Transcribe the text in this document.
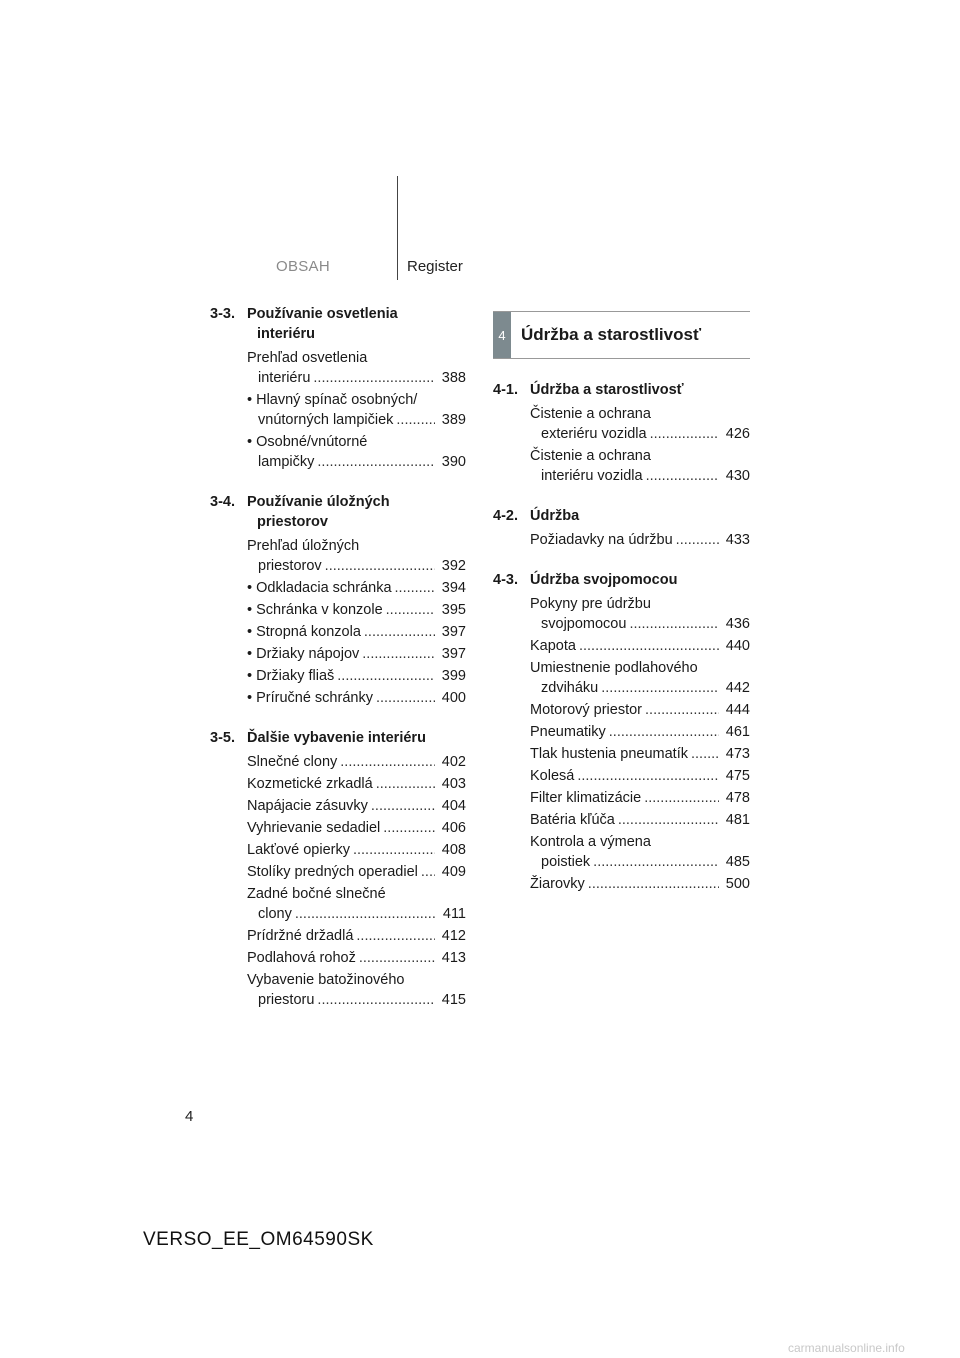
OBSAH	Register
3-3. Používanie osvetlenia
interiéru
Prehľad osvetlenia
interiéru .....	388
• Hlavný spínač osobných/
vnútorných lampičiek .....	389
• Osobné/vnútorné
lampičky .....	390
3-4. Používanie úložných
priestorov
Prehľad úložných
priestorov .....	392
• Odkladacia schránka .....	394
• Schránka v konzole .....	395
• Stropná konzola .....	397
• Držiaky nápojov .....	397
• Držiaky fliaš .....	399
• Príručné schránky .....	400
3-5. Ďalšie vybavenie interiéru
Slnečné clony .....	402
Kozmetické zrkadlá .....	403
Napájacie zásuvky .....	404
Vyhrievanie sedadiel .....	406
Lakťové opierky .....	408
Stolíky predných operadiel ..... 409
Zadné bočné slnečné
clony .....	411
Prídržné držadlá .....	412
Podlahová rohož .....	413
Vybavenie batožinového
priestoru .....	415
4 Údržba a starostlivosť
4-1. Údržba a starostlivosť
Čistenie a ochrana
exteriéru vozidla .....	426
Čistenie a ochrana
interiéru vozidla .....	430
4-2. Údržba
Požiadavky na údržbu .....	433
4-3. Údržba svojpomocou
Pokyny pre údržbu
svojpomocou .....	436
Kapota .....	440
Umiestnenie podlahového
zdviháku .....	442
Motorový priestor .....	444
Pneumatiky .....	461
Tlak hustenia pneumatík .....	473
Kolesá .....	475
Filter klimatizácie .....	478
Batéria kľúča .....	481
Kontrola a výmena
poistiek .....	485
Žiarovky .....	500
4
VERSO_EE_OM64590SK
carmanualsonline.info
